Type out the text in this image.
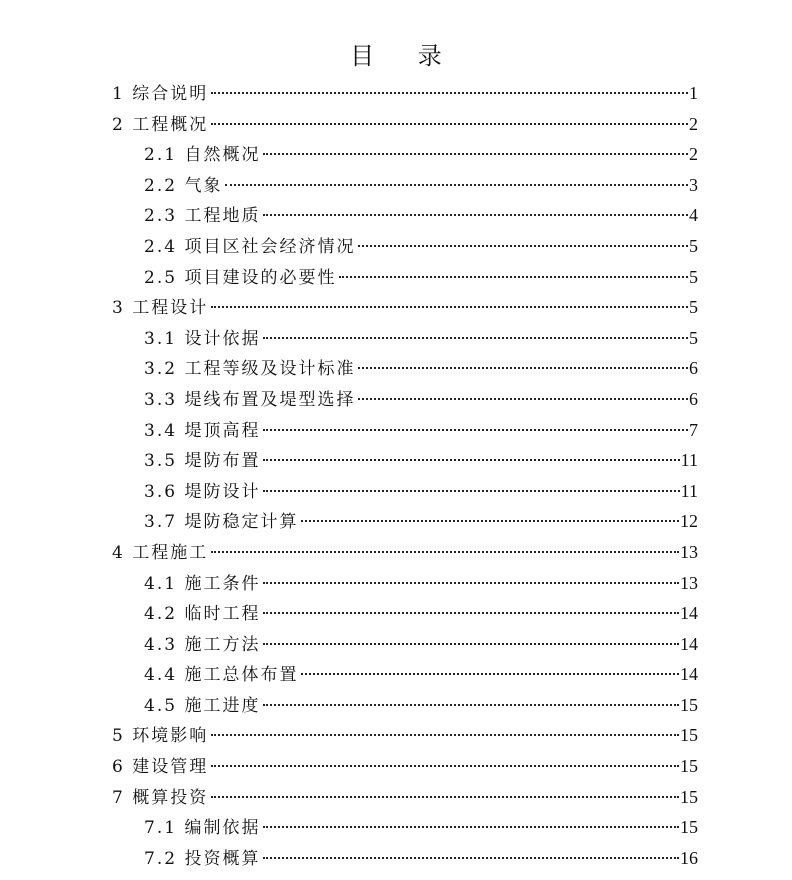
目 录
1 综合说明	1
2 工程概况	2
2.1 自然概况	2
2.2 气象	3
2.3 工程地质	4
2.4 项目区社会经济情况	5
2.5 项目建设的必要性	5
3 工程设计	5
3.1 设计依据	5
3.2 工程等级及设计标准	6
3.3 堤线布置及堤型选择	6
3.4 堤顶高程	7
3.5 堤防布置	11
3.6 堤防设计	11
3.7 堤防稳定计算	12
4 工程施工	13
4.1 施工条件	13
4.2 临时工程	14
4.3 施工方法	14
4.4 施工总体布置	14
4.5 施工进度	15
5 环境影响	15
6 建设管理	15
7 概算投资	15
7.1 编制依据	15
7.2 投资概算	16
